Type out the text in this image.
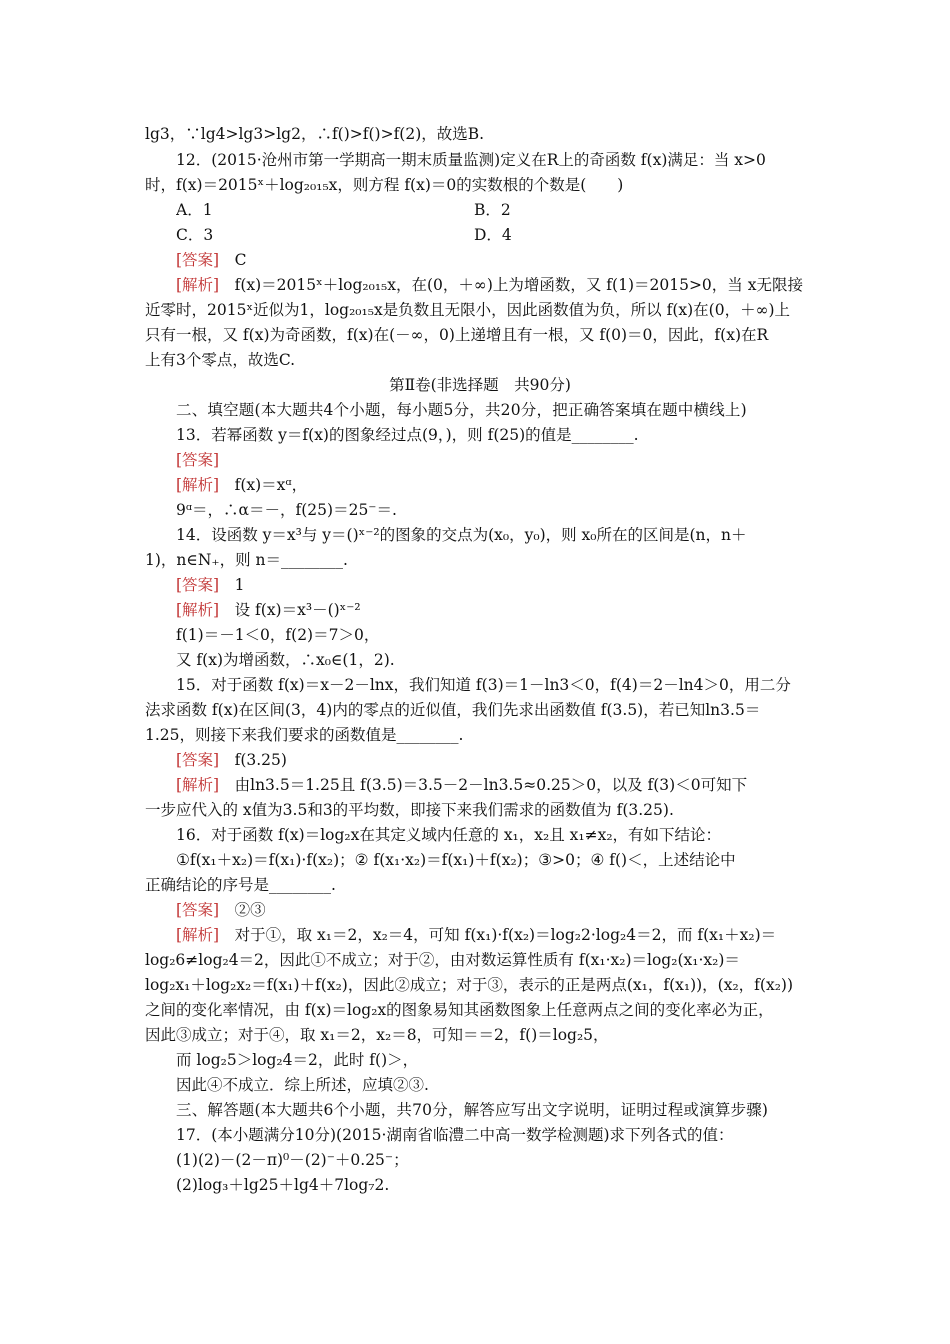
lg3，∵lg4>lg3>lg2，∴f()>f()>f(2)，故选B.
12．(2015·沧州市第一学期高一期末质量监测)定义在R上的奇函数 f(x)满足：当 x>0
时，f(x)＝2015ˣ＋log₂₀₁₅x，则方程 f(x)＝0的实数根的个数是(　　)
A．1	B．2
C．3	D．4
[答案]　C
[解析]　f(x)＝2015ˣ＋log₂₀₁₅x，在(0，＋∞)上为增函数，又 f(1)＝2015>0，当 x无限接
近零时，2015ˣ近似为1，log₂₀₁₅x是负数且无限小，因此函数值为负，所以 f(x)在(0，＋∞)上
只有一根，又 f(x)为奇函数，f(x)在(－∞，0)上递增且有一根，又 f(0)＝0，因此，f(x)在R
上有3个零点，故选C.
第Ⅱ卷(非选择题　共90分)
二、填空题(本大题共4个小题，每小题5分，共20分，把正确答案填在题中横线上)
13．若幂函数 y＝f(x)的图象经过点(9，)，则 f(25)的值是________.
[答案]
[解析]　f(x)＝xᵅ，
9ᵅ＝，∴α＝－，f(25)＝25⁻＝.
14．设函数 y＝x³与 y＝()ˣ⁻²的图象的交点为(x₀，y₀)，则 x₀所在的区间是(n，n＋
1)，n∈N₊，则 n＝________.
[答案]　1
[解析]　设 f(x)＝x³－()ˣ⁻²
f(1)＝－1＜0，f(2)＝7＞0，
又 f(x)为增函数，∴x₀∈(1，2).
15．对于函数 f(x)＝x－2－lnx，我们知道 f(3)＝1－ln3＜0，f(4)＝2－ln4＞0，用二分
法求函数 f(x)在区间(3，4)内的零点的近似值，我们先求出函数值 f(3.5)，若已知ln3.5＝
1.25，则接下来我们要求的函数值是________.
[答案]　f(3.25)
[解析]　由ln3.5＝1.25且 f(3.5)＝3.5－2－ln3.5≈0.25＞0，以及 f(3)＜0可知下
一步应代入的 x值为3.5和3的平均数，即接下来我们需求的函数值为 f(3.25).
16．对于函数 f(x)＝log₂x在其定义域内任意的 x₁，x₂且 x₁≠x₂，有如下结论：
①f(x₁＋x₂)＝f(x₁)·f(x₂)；② f(x₁·x₂)＝f(x₁)＋f(x₂)；③>0；④ f()＜，上述结论中
正确结论的序号是________.
[答案]　②③
[解析]　对于①，取 x₁＝2，x₂＝4，可知 f(x₁)·f(x₂)＝log₂2·log₂4＝2，而 f(x₁＋x₂)＝
log₂6≠log₂4＝2，因此①不成立；对于②，由对数运算性质有 f(x₁·x₂)＝log₂(x₁·x₂)＝
log₂x₁＋log₂x₂＝f(x₁)＋f(x₂)，因此②成立；对于③，表示的正是两点(x₁，f(x₁))，(x₂，f(x₂))
之间的变化率情况，由 f(x)＝log₂x的图象易知其函数图象上任意两点之间的变化率必为正，
因此③成立；对于④，取 x₁＝2，x₂＝8，可知＝＝2，f()＝log₂5，
而 log₂5＞log₂4＝2，此时 f()＞，
因此④不成立．综上所述，应填②③.
三、解答题(本大题共6个小题，共70分，解答应写出文字说明，证明过程或演算步骤)
17．(本小题满分10分)(2015·湖南省临澧二中高一数学检测题)求下列各式的值：
(1)(2)－(2－π)⁰－(2)⁻＋0.25⁻；
(2)log₃＋lg25＋lg4＋7log₇2.
